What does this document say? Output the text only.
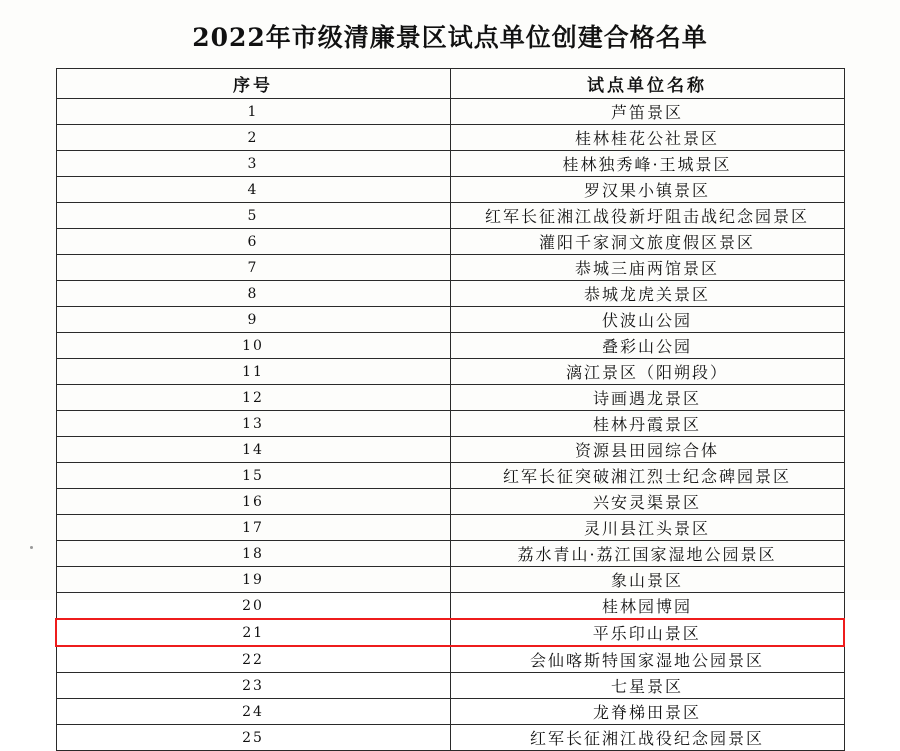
2022年市级清廉景区试点单位创建合格名单
序号	试点单位名称
1	芦笛景区
2	桂林桂花公社景区
3	桂林独秀峰·王城景区
4	罗汉果小镇景区
5	红军长征湘江战役新圩阻击战纪念园景区
6	灌阳千家洞文旅度假区景区
7	恭城三庙两馆景区
8	恭城龙虎关景区
9	伏波山公园
10	叠彩山公园
11	漓江景区（阳朔段）
12	诗画遇龙景区
13	桂林丹霞景区
14	资源县田园综合体
15	红军长征突破湘江烈士纪念碑园景区
16	兴安灵渠景区
17	灵川县江头景区
18	荔水青山·荔江国家湿地公园景区
19	象山景区
20	桂林园博园
21	平乐印山景区
22	会仙喀斯特国家湿地公园景区
23	七星景区
24	龙脊梯田景区
25	红军长征湘江战役纪念园景区
